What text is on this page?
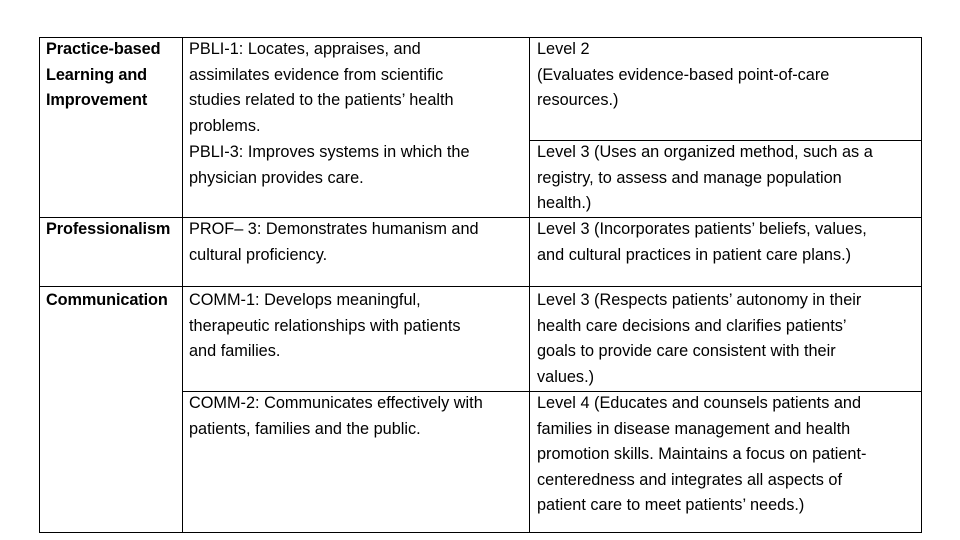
Practice-based
Learning and
Improvement

PBLI-1: Locates, appraises, and
assimilates evidence from scientific
studies related to the patients’ health
problems.

Level 2
(Evaluates evidence-based point-of-care
resources.)

PBLI-3: Improves systems in which the
physician provides care.

Level 3 (Uses an organized method, such as a
registry, to assess and manage population
health.)

Professionalism PROF– 3: Demonstrates humanism and
cultural proficiency.

Level 3 (Incorporates patients’ beliefs, values,
and cultural practices in patient care plans.)

Communication COMM-1: Develops meaningful,
therapeutic relationships with patients
and families.

Level 3 (Respects patients’ autonomy in their
health care decisions and clarifies patients’
goals to provide care consistent with their
values.)

COMM-2: Communicates effectively with
patients, families and the public.

Level 4 (Educates and counsels patients and
families in disease management and health
promotion skills. Maintains a focus on patient-
centeredness and integrates all aspects of
patient care to meet patients’ needs.)
